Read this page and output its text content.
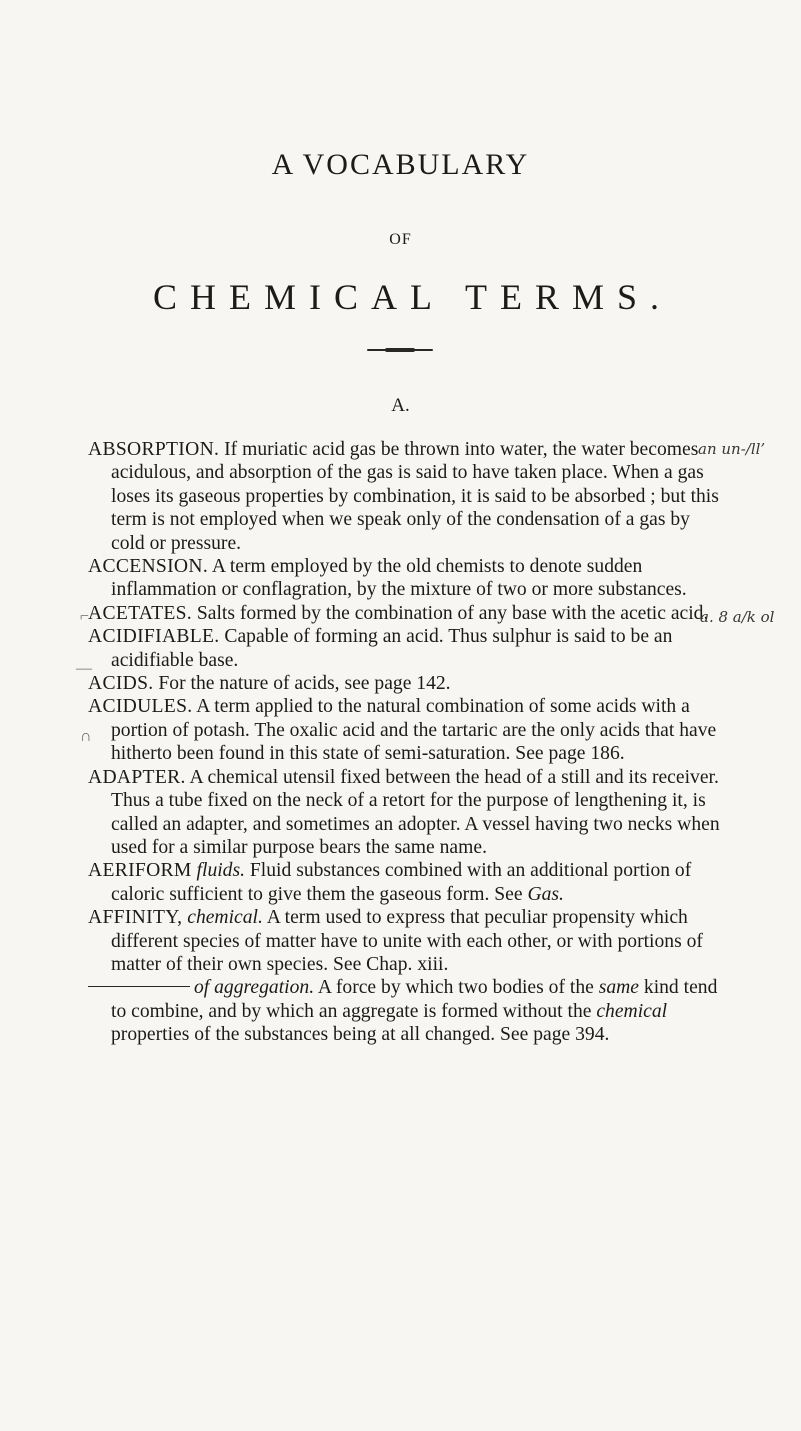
A VOCABULARY
OF
CHEMICAL TERMS.
A.

ABSORPTION. If muriatic acid gas be thrown into water, the water becomes acidulous, and absorption of the gas is said to have taken place. When a gas loses its gaseous properties by combination, it is said to be absorbed ; but this term is not employed when we speak only of the condensation of a gas by cold or pressure.

ACCENSION. A term employed by the old chemists to denote sudden inflammation or conflagration, by the mixture of two or more substances.

ACETATES. Salts formed by the combination of any base with the acetic acid.

ACIDIFIABLE. Capable of forming an acid. Thus sulphur is said to be an acidifiable base.

ACIDS. For the nature of acids, see page 142.

ACIDULES. A term applied to the natural combination of some acids with a portion of potash. The oxalic acid and the tartaric are the only acids that have hitherto been found in this state of semi-saturation. See page 186.

ADAPTER. A chemical utensil fixed between the head of a still and its receiver. Thus a tube fixed on the neck of a retort for the purpose of lengthening it, is called an adapter, and sometimes an adopter. A vessel having two necks when used for a similar purpose bears the same name.

AERIFORM fluids. Fluid substances combined with an additional portion of caloric sufficient to give them the gaseous form. See Gas.

AFFINITY, chemical. A term used to express that peculiar propensity which different species of matter have to unite with each other, or with portions of matter of their own species. See Chap. xiii.

of aggregation. A force by which two bodies of the same kind tend to combine, and by which an aggregate is formed without the chemical properties of the substances being at all changed. See page 394.

an un-/ll’
a. 8 a/k ol
⌐
—
∩
